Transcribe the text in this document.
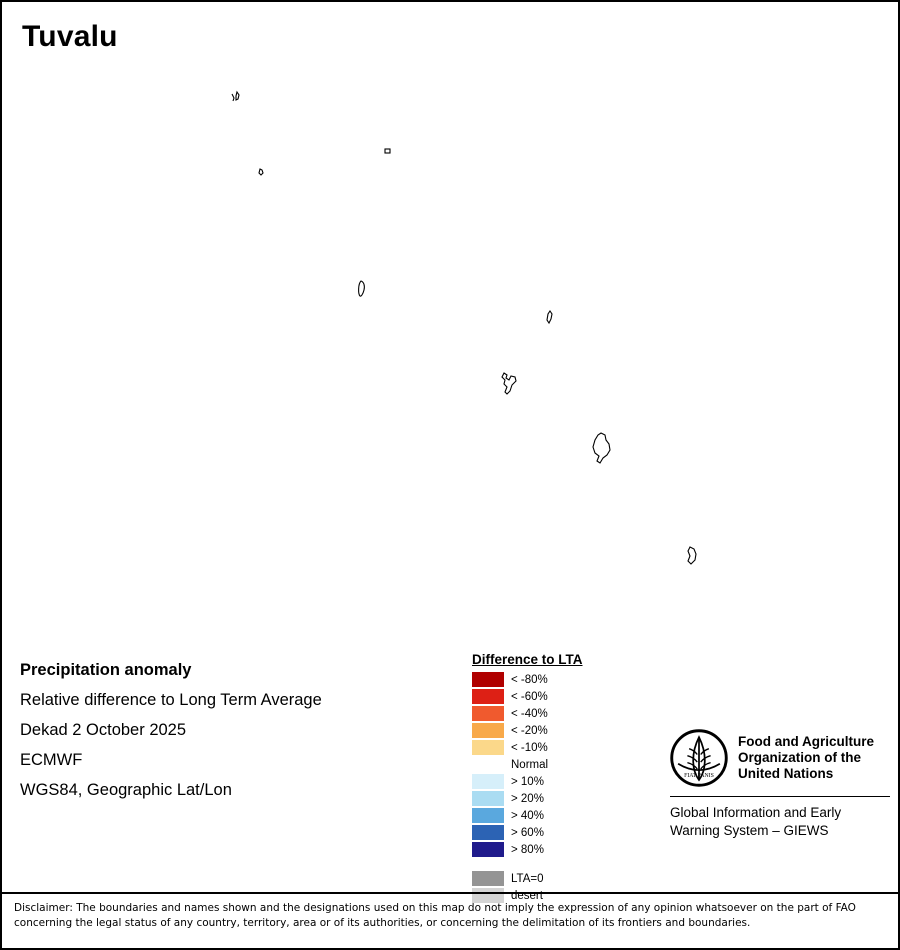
Tuvalu
Precipitation anomaly
Relative difference to Long Term Average
Dekad 2 October 2025
ECMWF
WGS84, Geographic Lat/Lon
Difference to LTA
< -80%
< -60%
< -40%
< -20%
< -10%
Normal
> 10%
> 20%
> 40%
> 60%
> 80%
LTA=0
desert
FIAT PANIS
Food and Agriculture
Organization of the
United Nations
Global Information and Early
Warning System – GIEWS

Disclaimer: The boundaries and names shown and the designations used on this map do not imply the expression of any opinion whatsoever on the part of FAO

concerning the legal status of any country, territory, area or of its authorities, or concerning the delimitation of its frontiers and boundaries.
